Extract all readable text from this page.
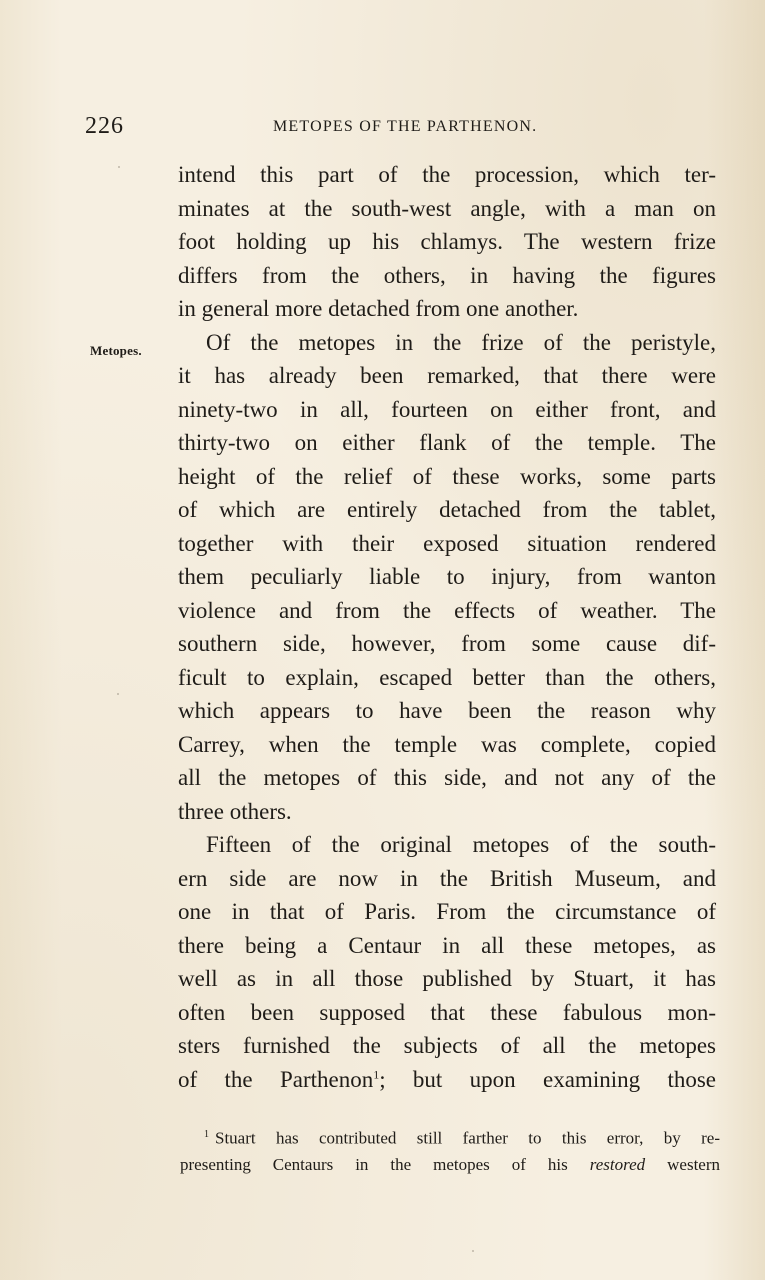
226	METOPES OF THE PARTHENON.
Metopes.
intend this part of the procession, which ter-
minates at the south-west angle, with a man on
foot holding up his chlamys. The western frize
differs from the others, in having the figures
in general more detached from one another.
Of the metopes in the frize of the peristyle,
it has already been remarked, that there were
ninety-two in all, fourteen on either front, and
thirty-two on either flank of the temple. The
height of the relief of these works, some parts
of which are entirely detached from the tablet,
together with their exposed situation rendered
them peculiarly liable to injury, from wanton
violence and from the effects of weather. The
southern side, however, from some cause dif-
ficult to explain, escaped better than the others,
which appears to have been the reason why
Carrey, when the temple was complete, copied
all the metopes of this side, and not any of the
three others.
Fifteen of the original metopes of the south-
ern side are now in the British Museum, and
one in that of Paris. From the circumstance of
there being a Centaur in all these metopes, as
well as in all those published by Stuart, it has
often been supposed that these fabulous mon-
sters furnished the subjects of all the metopes
of the Parthenon$^1$; but upon examining those
$^1$ Stuart has contributed still farther to this error, by re-
presenting Centaurs in the metopes of his restored western
